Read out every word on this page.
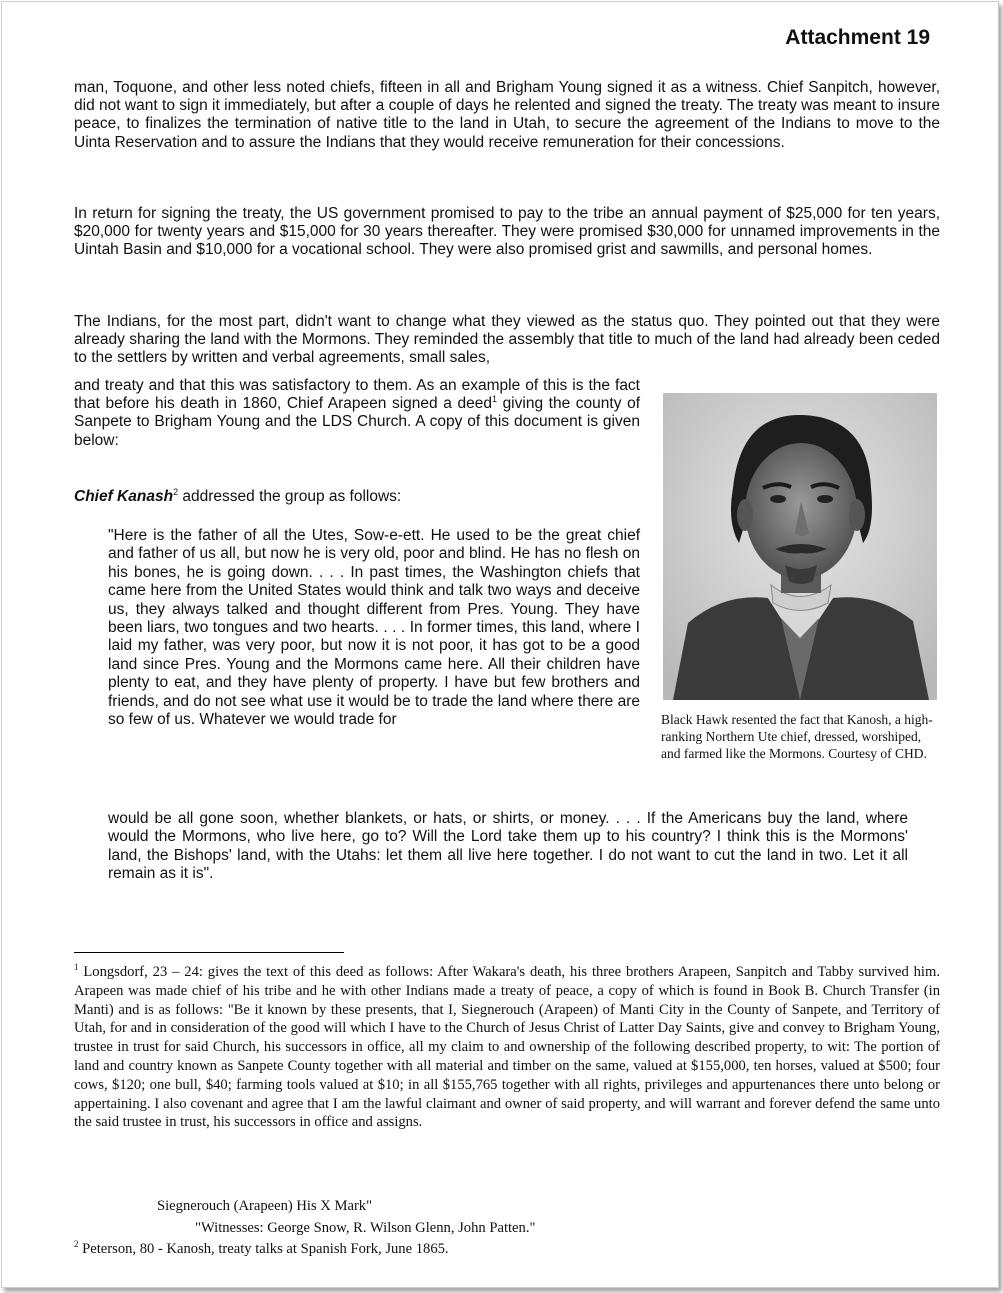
Attachment 19

man, Toquone, and other less noted chiefs, fifteen in all and Brigham Young signed it as a witness. Chief Sanpitch, however, did not want to sign it immediately, but after a couple of days he relented and signed the treaty. The treaty was meant to insure peace, to finalizes the termination of native title to the land in Utah, to secure the agreement of the Indians to move to the Uinta Reservation and to assure the Indians that they would receive remuneration for their concessions.

In return for signing the treaty, the US government promised to pay to the tribe an annual payment of $25,000 for ten years, $20,000 for twenty years and $15,000 for 30 years thereafter. They were promised $30,000 for unnamed improvements in the Uintah Basin and $10,000 for a vocational school. They were also promised grist and sawmills, and personal homes.

The Indians, for the most part, didn't want to change what they viewed as the status quo. They pointed out that they were already sharing the land with the Mormons. They reminded the assembly that title to much of the land had already been ceded to the settlers by written and verbal agreements, small sales,

and treaty and that this was satisfactory to them. As an example of this is the fact that before his death in 1860, Chief Arapeen signed a deed$^1$ giving the county of Sanpete to Brigham Young and the LDS Church. A copy of this document is given below:

Chief Kanash$^2$ addressed the group as follows:

"Here is the father of all the Utes, Sow-e-ett. He used to be the great chief and father of us all, but now he is very old, poor and blind. He has no flesh on his bones, he is going down. . . . In past times, the Washington chiefs that came here from the United States would think and talk two ways and deceive us, they always talked and thought different from Pres. Young. They have been liars, two tongues and two hearts. . . . In former times, this land, where I laid my father, was very poor, but now it is not poor, it has got to be a good land since Pres. Young and the Mormons came here. All their children have plenty to eat, and they have plenty of property. I have but few brothers and friends, and do not see what use it would be to trade the land where there are so few of us. Whatever we would trade for

would be all gone soon, whether blankets, or hats, or shirts, or money. . . . If the Americans buy the land, where would the Mormons, who live here, go to? Will the Lord take them up to his country? I think this is the Mormons' land, the Bishops' land, with the Utahs: let them all live here together. I do not want to cut the land in two. Let it all remain as it is".

Black Hawk resented the fact that Kanosh, a high-ranking Northern Ute chief, dressed, worshiped, and farmed like the Mormons. Courtesy of CHD.

$^1$ Longsdorf, 23 – 24: gives the text of this deed as follows: After Wakara's death, his three brothers Arapeen, Sanpitch and Tabby survived him. Arapeen was made chief of his tribe and he with other Indians made a treaty of peace, a copy of which is found in Book B. Church Transfer (in Manti) and is as follows: "Be it known by these presents, that I, Siegnerouch (Arapeen) of Manti City in the County of Sanpete, and Territory of Utah, for and in consideration of the good will which I have to the Church of Jesus Christ of Latter Day Saints, give and convey to Brigham Young, trustee in trust for said Church, his successors in office, all my claim to and ownership of the following described property, to wit: The portion of land and country known as Sanpete County together with all material and timber on the same, valued at $155,000, ten horses, valued at $500; four cows, $120; one bull, $40; farming tools valued at $10; in all $155,765 together with all rights, privileges and appurtenances there unto belong or appertaining. I also covenant and agree that I am the lawful claimant and owner of said property, and will warrant and forever defend the same unto the said trustee in trust, his successors in office and assigns.

Siegnerouch (Arapeen) His X Mark"

"Witnesses: George Snow, R. Wilson Glenn, John Patten."

$^2$ Peterson, 80 - Kanosh, treaty talks at Spanish Fork, June 1865.
